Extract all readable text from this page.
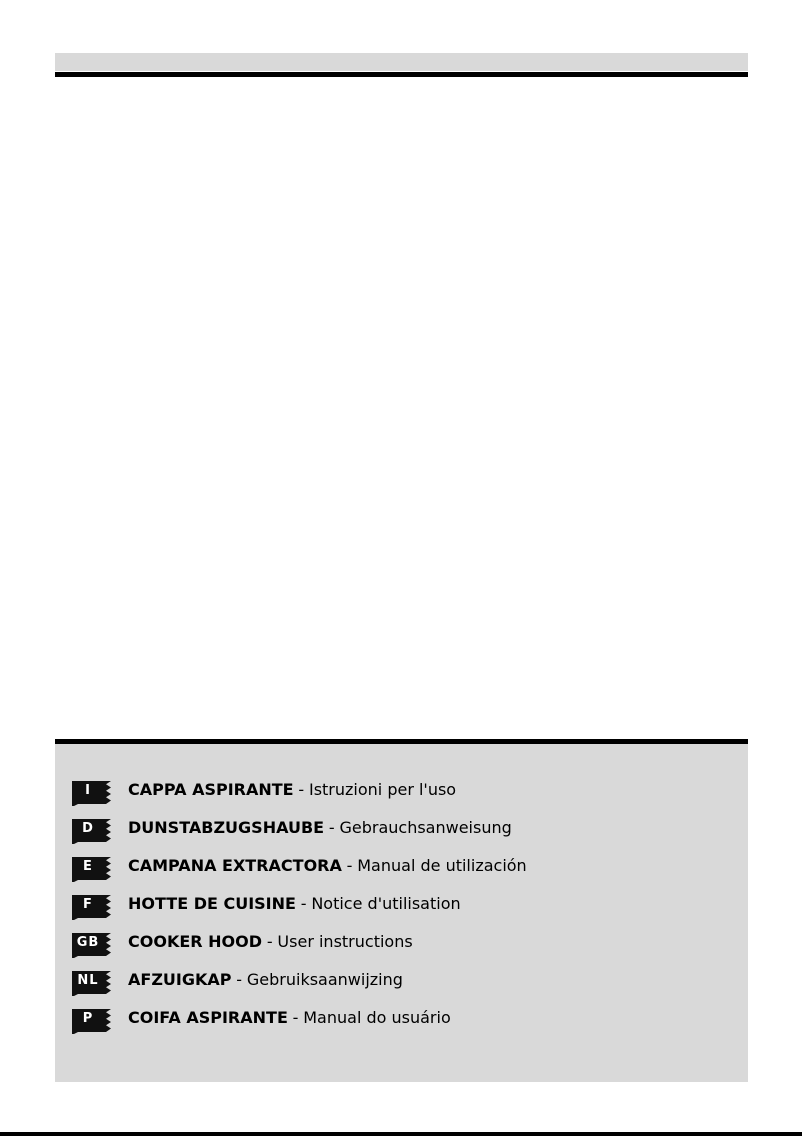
I	CAPPA ASPIRANTE - Istruzioni per l'uso
D	DUNSTABZUGSHAUBE - Gebrauchsanweisung
E	CAMPANA EXTRACTORA - Manual de utilización
F	HOTTE DE CUISINE - Notice d'utilisation
GB	COOKER HOOD - User instructions
NL	AFZUIGKAP - Gebruiksaanwijzing
P	COIFA ASPIRANTE - Manual do usuário
